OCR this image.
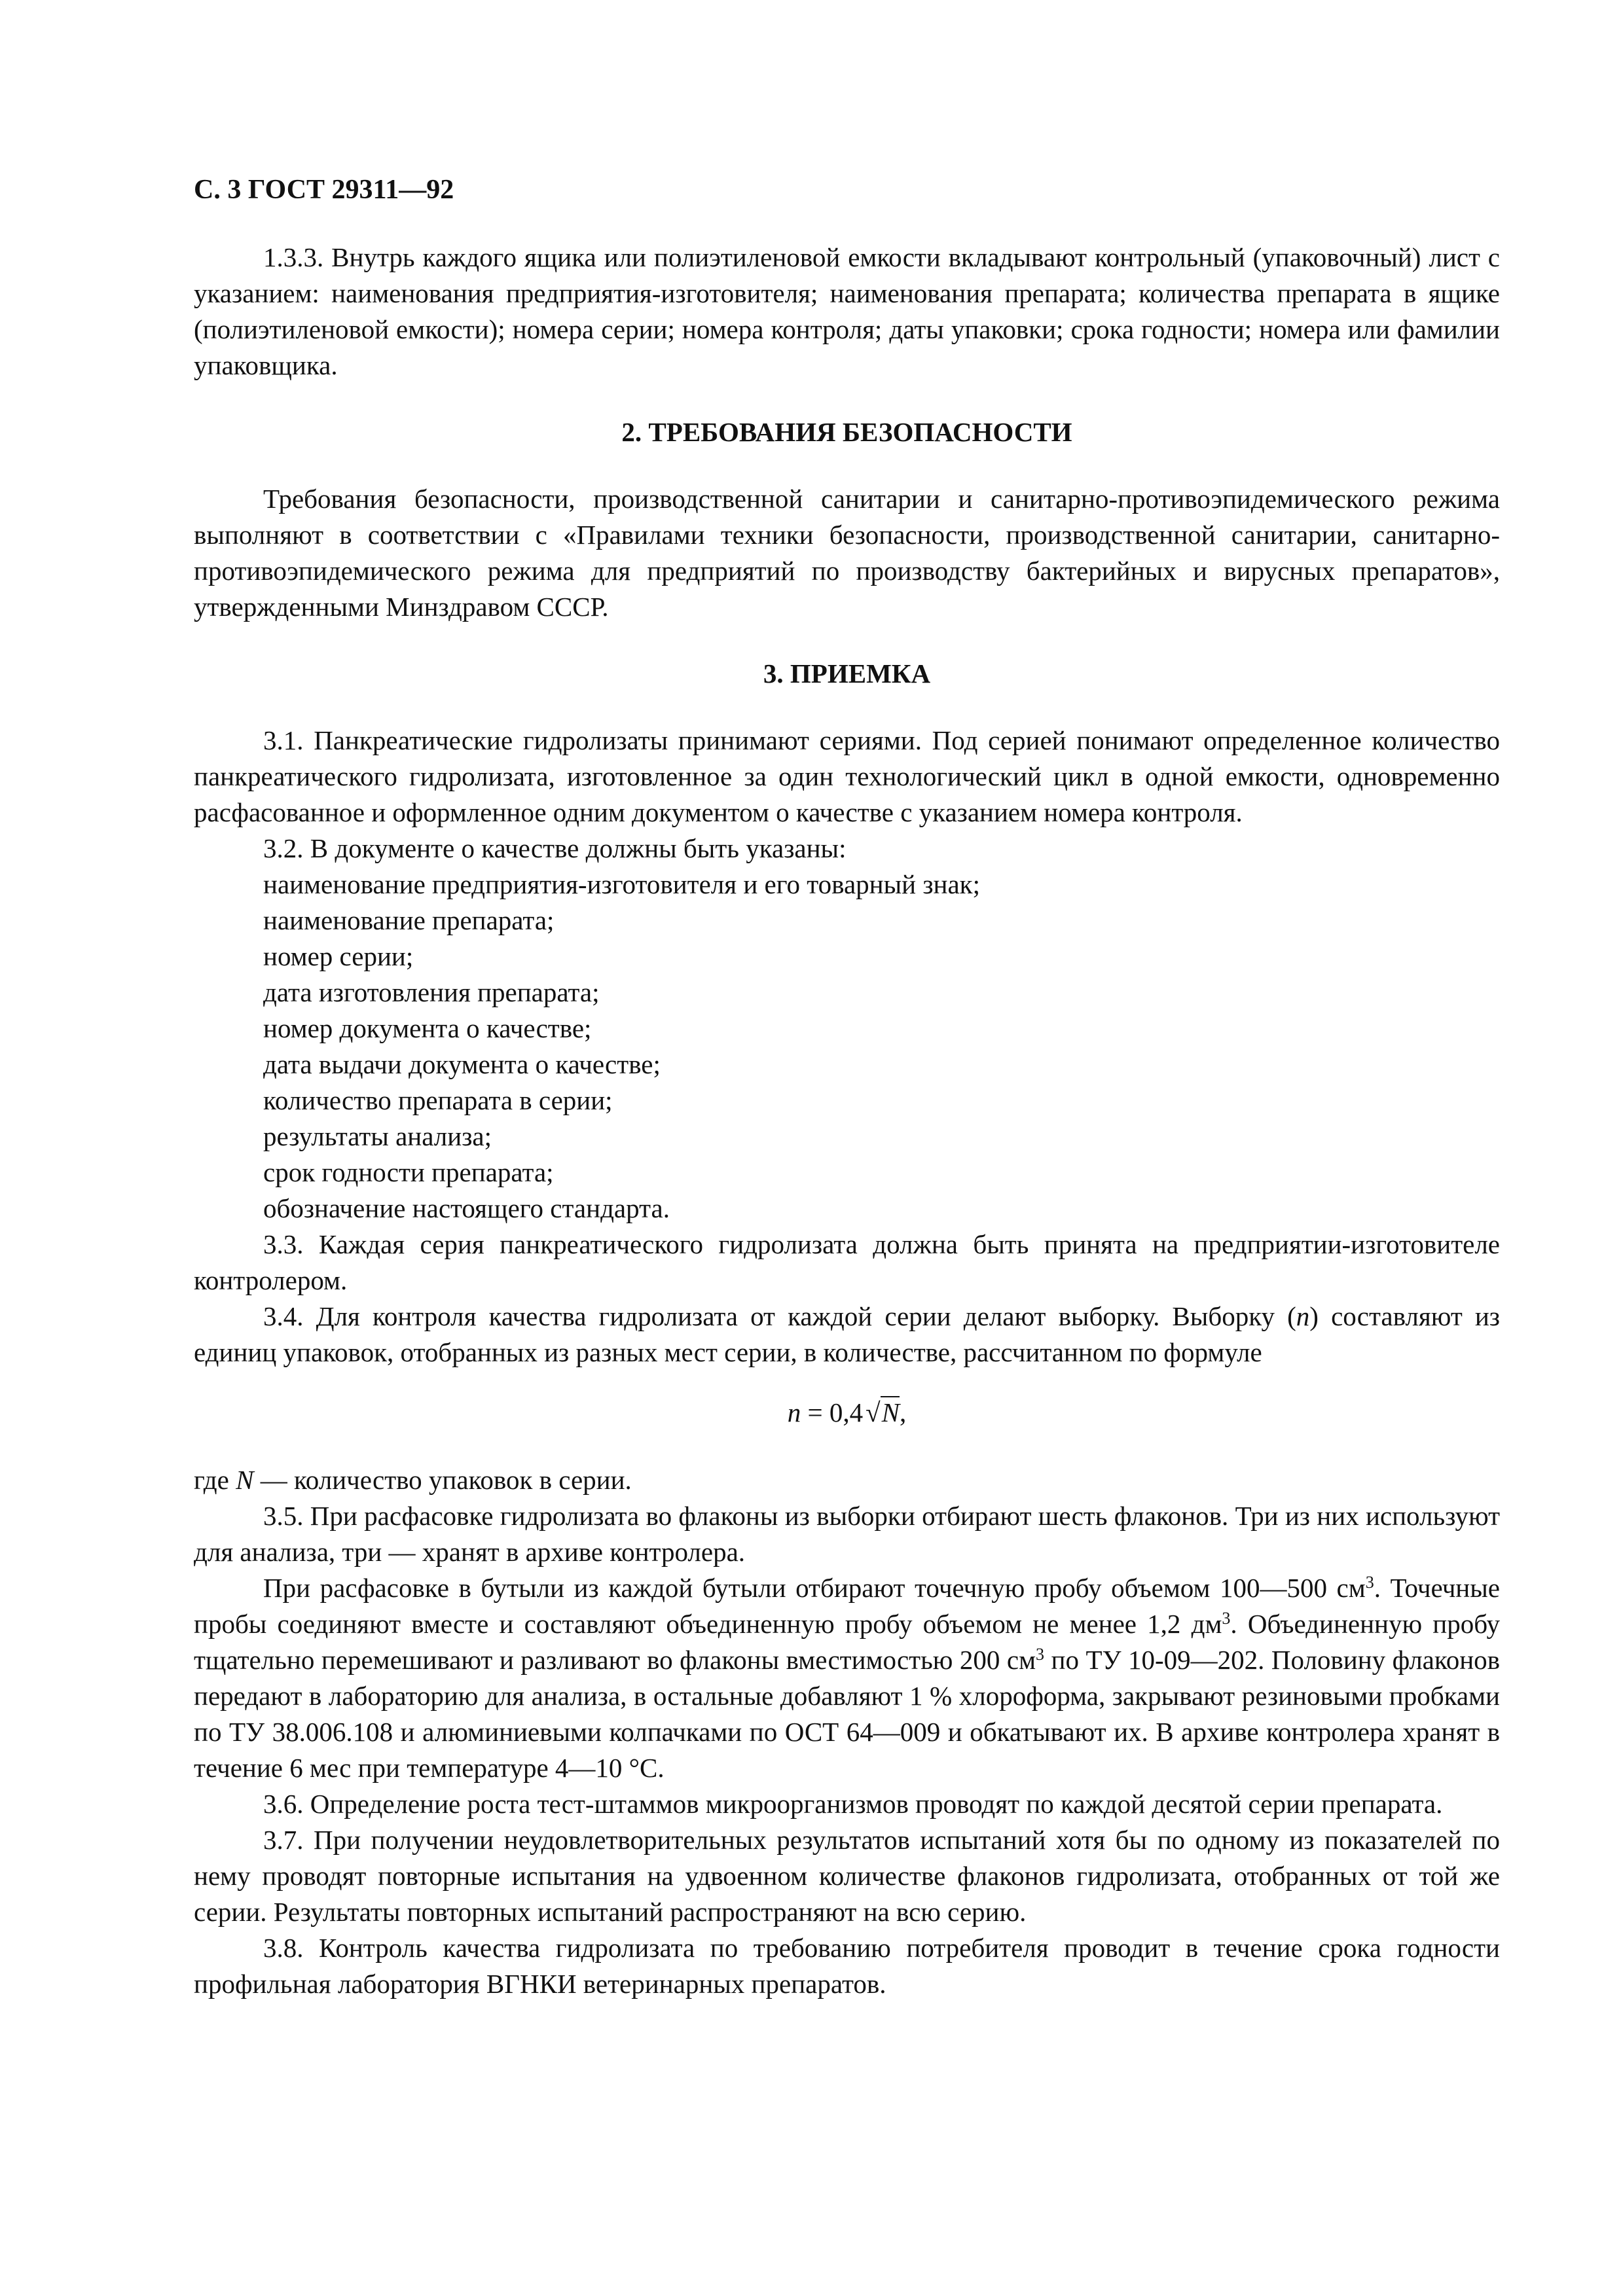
С. 3 ГОСТ 29311—92

1.3.3. Внутрь каждого ящика или полиэтиленовой емкости вкладывают контрольный (упаковочный) лист с указанием: наименования предприятия-изготовителя; наименования препарата; количества препарата в ящике (полиэтиленовой емкости); номера серии; номера контроля; даты упаковки; срока годности; номера или фамилии упаковщика.

2. ТРЕБОВАНИЯ БЕЗОПАСНОСТИ

Требования безопасности, производственной санитарии и санитарно-противоэпидемического режима выполняют в соответствии с «Правилами техники безопасности, производственной санитарии, санитарно-противоэпидемического режима для предприятий по производству бактерийных и вирусных препаратов», утвержденными Минздравом СССР.

3. ПРИЕМКА

3.1. Панкреатические гидролизаты принимают сериями. Под серией понимают определенное количество панкреатического гидролизата, изготовленное за один технологический цикл в одной емкости, одновременно расфасованное и оформленное одним документом о качестве с указанием номера контроля.

3.2. В документе о качестве должны быть указаны:

наименование предприятия-изготовителя и его товарный знак;
наименование препарата;
номер серии;
дата изготовления препарата;
номер документа о качестве;
дата выдачи документа о качестве;
количество препарата в серии;
результаты анализа;
срок годности препарата;
обозначение настоящего стандарта.

3.3. Каждая серия панкреатического гидролизата должна быть принята на предприятии-изготовителе контролером.

3.4. Для контроля качества гидролизата от каждой серии делают выборку. Выборку (n) составляют из единиц упаковок, отобранных из разных мест серии, в количестве, рассчитанном по формуле

n = 0,4√N,

где N — количество упаковок в серии.

3.5. При расфасовке гидролизата во флаконы из выборки отбирают шесть флаконов. Три из них используют для анализа, три — хранят в архиве контролера.

При расфасовке в бутыли из каждой бутыли отбирают точечную пробу объемом 100—500 $см^3$. Точечные пробы соединяют вместе и составляют объединенную пробу объемом не менее 1,2 $дм^3$. Объединенную пробу тщательно перемешивают и разливают во флаконы вместимостью 200 $см^3$ по ТУ 10-09—202. Половину флаконов передают в лабораторию для анализа, в остальные добавляют 1 % хлороформа, закрывают резиновыми пробками по ТУ 38.006.108 и алюминиевыми колпачками по ОСТ 64—009 и обкатывают их. В архиве контролера хранят в течение 6 мес при температуре 4—10 °С.

3.6. Определение роста тест-штаммов микроорганизмов проводят по каждой десятой серии препарата.

3.7. При получении неудовлетворительных результатов испытаний хотя бы по одному из показателей по нему проводят повторные испытания на удвоенном количестве флаконов гидролизата, отобранных от той же серии. Результаты повторных испытаний распространяют на всю серию.

3.8. Контроль качества гидролизата по требованию потребителя проводит в течение срока годности профильная лаборатория ВГНКИ ветеринарных препаратов.
